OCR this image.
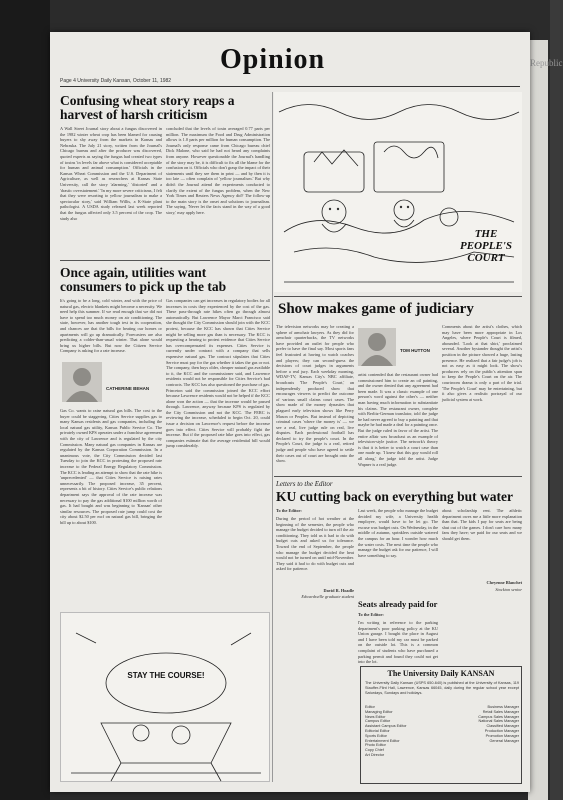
Republic
Opinion
Page 4 University Daily Kansan, October 11, 1982
Confusing wheat story reaps a harvest of harsh criticism
A Wall Street Journal story about a fungus discovered in the 1982 winter wheat crop has been blamed for causing buyers to shy away from the markets in Kansas and Nebraska. The July 21 story, written from the Journal's Chicago bureau and after the producer was discovered, quoted experts as saying the fungus had created two types of toxins 'in levels far above what is considered acceptable for human and animal consumption.' Officials in the Kansas Wheat Commission and the U.S. Department of Agriculture, as well as researchers at Kansas State University, call the story 'alarming,' 'distorted' and a 'drastic overstatement.' 'In my more severe criticisms, I felt that they were resorting to yellow journalism to make a spectacular story,' said William Willis, a K-State plant pathologist. A USDA study released last week reported that the fungus affected only 3.5 percent of the crop. The study also
concluded that the levels of toxin averaged 0.77 parts per million. The maximum the Food and Drug Administration allows is 1.0 parts per million for human consumption. The Journal's only response came from Chicago bureau chief Dick Malone, who said he had not heard any complaints from anyone. However questionable the Journal's handling of the story may be, it is difficult to fix all the blame for the confusion on it. Officials who don't grasp the impact of their statements until they see them in print — and by then it is too late — often complain of 'yellow journalism.' But why didn't the Journal attend the experiments conducted to clarify the extent of the fungus problem, when the New York Times and Reuters News Agency did? The follow-up to the main story is the onset and solutions to journalism. The saying, 'Never let the facts stand in the way of a good story,' may apply here.
THE PEOPLE'S COURT
Once again, utilities want consumers to pick up the tab
It's going to be a long, cold winter, and with the price of natural gas, electric blankets might become a necessity. We need help this summer. If we read enough that we did not have to spend too much money on air conditioning. The state, however, has another tough test in its cooperation, and chances are that the bills for heating our homes or apartments will go up dramatically. Forecasters are also predicting a colder-than-usual winter. That alone would bring us higher bills. But now the Citizen Service Company is asking for a rate increase.
CATHERINE BEHAN
Gas Co. wants to raise natural gas bills. The cost to the buyer could be staggering. Cities Service supplies gas to many Kansas residents and gas companies, including the local natural gas utility, Kansas Public Service Co. The privately owned KPS operates under a franchise agreement with the city of Lawrence and is regulated by the city Commission. Many natural gas companies in Kansas are regulated by the Kansas Corporation Commission. In a unanimous vote, the City Commission decided last Tuesday to join the KCC in protesting the proposed rate increase to the Federal Energy Regulatory Commission. The KCC is leading an attempt to show that the rate hike is 'unprecedented' — that Cities Service is raising rates unnecessarily. The proposed increase, 35 percent, represents a bit of history. Cities Service's public relations department says the approval of the rate increase was necessary to pay the gas additional $100 million worth of gas. It had bought and was beginning to 'Kansan' other similar resources. The proposed rate jump could cost the city about $2.50 per mcf on natural gas bill, bringing the bill up to about $100.
Gas companies can get increases in regulatory bodies for all increases in costs they experienced by the cost of the gas. These pass-through rate hikes often go through almost automatically. But Lawrence Mayor Marci Francisco said she thought the City Commission should join with the KCC protest, because the KCC has shown that Cities Service might be selling more gas than is necessary. The KCC is requesting a hearing to protest evidence that Cities Service has overcompensated its expenses. Cities Service is currently under contract with a company that sells expensive natural gas. The contract stipulates that Cities Service must pay for the gas whether it takes the gas or not. The company, then buys older, cheaper natural gas available to it, the KCC and the commissioner said, and Lawrence residents would not be responsible for Cities Service's bad contracts. The KCC has also questioned the purchase of gas. Princeton said the commission joined the KCC effort because Lawrence residents would not be helped if the KCC alone won the action — that the increase would be passed through. Lawrence, anyway because KPS is regulated by the City Commission and not the KCC. The FERC is reviewing the increase, scheduled to begin Oct. 20, could issue a decision on Lawrence's request before the increase goes into effect. Cities Service will probably fight the increase. But if the proposed rate hike goes into effect, gas companies estimate that the average residential bill would jump considerably.
STAY THE COURSE!
Show makes game of judiciary
The television networks may be creating a sphere of armchair lawyers. As they did for armchair quarterbacks, the TV networks have provided an outlet for people who prefer to have the final say. Most sports fans feel frustrated at having to watch coaches and players; they can second-guess the decisions of court judges in arguments before a real jury. Each weekday morning, WDAF-TV, Kansas City's NBC affiliate, broadcasts 'The People's Court,' an independently produced show that encourages viewers to predict the outcome of various small claims court cases. The show made of the money dynasties that plagued early television shows like Perry Mason or Peoples. But instead of depicting criminal cases 'where the money is' — we see a real, live judge rule on real, live disputes. Each professional football has declared to try the people's court. In the People's Court, the judge is a real, retired judge and people who have agreed to settle their cases out of court are brought onto the show.
TOM HUTTON
artist contended that the restaurant owner had commissioned him to create an oil painting, and the owner denied that any agreement had been made. It was a classic example of one person's word against the other's — neither man having much information to substantiate his claims. The restaurant owner, complete with Berlitz-German translator, told the judge he had never agreed to buy a painting and that maybe he had made a deal for a painting once. But the judge ruled in favor of the artist. The entire affair was broadcast as an example of television-style justice. The network's theory is that it is better to watch a court case than one made up. 'I knew that this guy would roll all along,' the judge told the artist. Judge Wapner is a real judge.
Comments about the artist's clothes, which may have been more appropriate in Los Angeles, where People's Court is filmed, abounded. 'Look at that shirt,' proclaimed several. Another bystander thought the artist's position in the picture showed a huge, lasting presence. He realized that a fair judge's job is not as easy as it might look. The show's producers rely on the public's attention span to keep the People's Court on the air. The courtroom drama is only a part of the trial. 'The People's Court' may be entertaining, but it also gives a realistic portrayal of our judicial system at work.
Letters to the Editor
KU cutting back on everything but water
To the Editor:
During the period of hot weather at the beginning of the semester, the people who manage the budget decided to turn off the air conditioning. They told us it had to do with budget cuts and asked us for tolerance. Toward the end of September, the people who manage the budget decided the heat would not be turned on until mid-November. They said it had to do with budget cuts and asked for patience.
David R. Hoadle
Edwardsville graduate student
Last week, the people who manage the budget decided my wife, a University health employee, would have to be let go. The excuse was budget cuts. On Wednesday, in the middle of autumn, sprinklers outside watered the campus for an hour. I wonder how much the water costs. The next time the people who manage the budget ask for our patience, I will have something to say.
about scholarship rent. The athletic department owes me a little more explanation than that. The kids I pay for seats are being shut out of the games. I don't care how many fans they have; we paid for our seats and we should get them.
Cheyenne Blanchet
Stockton senior
Seats already paid for
To the Editor:
I'm writing in reference to the parking department's poor parking policy at the KU Union garage. I bought the place in August and I have been told my car must be parked on the outside lot. This is a common complaint of students who have purchased a parking permit and found they could not get into the lot.
The University Daily KANSAN
The University Daily Kansan (USPS 650-640) is published at the University of Kansas, 119 Stauffer-Flint Hall, Lawrence, Kansas 66045, daily during the regular school year except Saturdays, Sundays and holidays.
Editor
Managing Editor
News Editor
Campus Editor
Assistant Campus Editor
Editorial Editor
Sports Editor
Entertainment Editor
Photo Editor
Copy Chief
Art Director
Business Manager
Retail Sales Manager
Campus Sales Manager
National Sales Manager
Classified Manager
Production Manager
Promotion Manager
General Manager
